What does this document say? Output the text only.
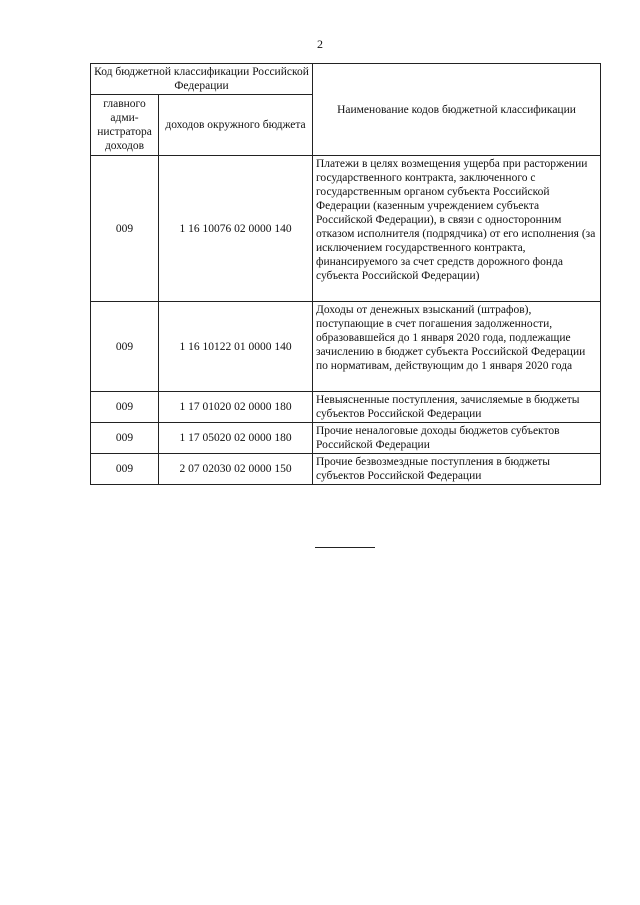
2
Код бюджетной классификации Российской Федерации		Наименование кодов бюджетной классификации
главного адми-нистратора доходов	доходов окружного бюджета	
009	1 16 10076 02 0000 140	Платежи в целях возмещения ущерба при расторжении государственного контракта, заключенного с государственным органом субъекта Российской Федерации (казенным учреждением субъекта Российской Федерации), в связи с односторонним отказом исполнителя (подрядчика) от его исполнения (за исключением государственного контракта, финансируемого за счет средств дорожного фонда субъекта Российской Федерации)
009	1 16 10122 01 0000 140	Доходы от денежных взысканий (штрафов), поступающие в счет погашения задолженности, образовавшейся до 1 января 2020 года, подлежащие зачислению в бюджет субъекта Российской Федерации по нормативам, действующим до 1 января 2020 года
009	1 17 01020 02 0000 180	Невыясненные поступления, зачисляемые в бюджеты субъектов Российской Федерации
009	1 17 05020 02 0000 180	Прочие неналоговые доходы бюджетов субъектов Российской Федерации
009	2 07 02030 02 0000 150	Прочие безвозмездные поступления в бюджеты субъектов Российской Федерации
